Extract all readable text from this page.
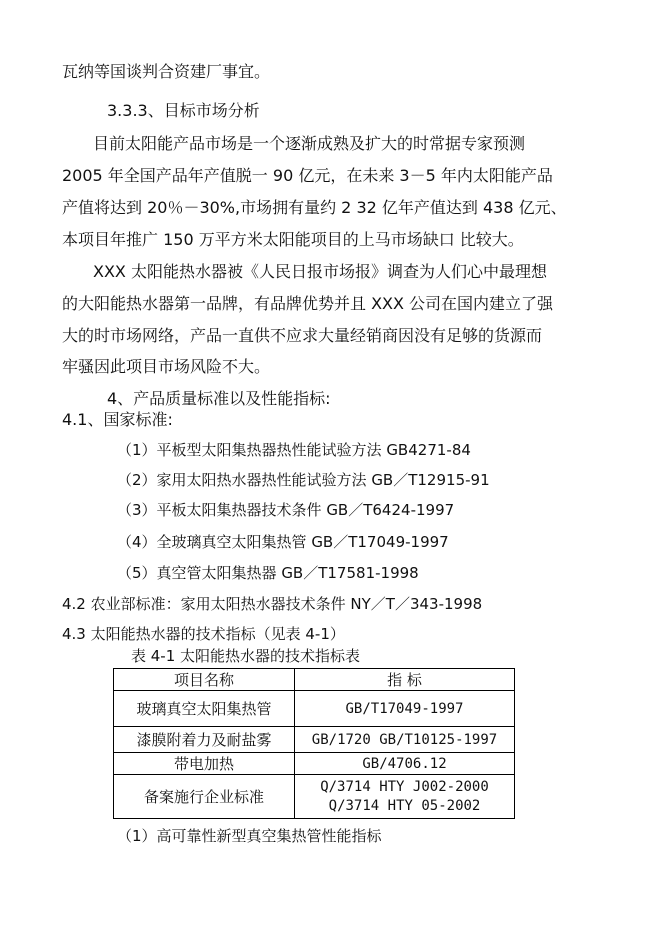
瓦纳等国谈判合资建厂事宜。
3.3.3、目标市场分析
目前太阳能产品市场是一个逐渐成熟及扩大的时常据专家预测
2005 年全国产品年产值脱一 90 亿元，在未来 3－5 年内太阳能产品
产值将达到 20％－30%,市场拥有量约 2 32 亿年产值达到 438 亿元、
本项目年推广 150 万平方米太阳能项目的上马市场缺口 比较大。
XXX 太阳能热水器被《人民日报市场报》调查为人们心中最理想
的大阳能热水器第一品牌，有品牌优势并且 XXX 公司在国内建立了强
大的时市场网络，产品一直供不应求大量经销商因没有足够的货源而
牢骚因此项目市场风险不大。
4、产品质量标准以及性能指标:
4.1、国家标准:
（1）平板型太阳集热器热性能试验方法 GB4271-84
（2）家用太阳热水器热性能试验方法 GB／T12915-91
（3）平板太阳集热器技术条件 GB／T6424-1997
（4）全玻璃真空太阳集热管 GB／T17049-1997
（5）真空管太阳集热器 GB／T17581-1998
4.2 农业部标准：家用太阳热水器技术条件 NY／T／343-1998
4.3 太阳能热水器的技术指标（见表 4-1）
表 4-1 太阳能热水器的技术指标表
项目名称	指 标
玻璃真空太阳集热管	GB/T17049-1997
漆膜附着力及耐盐雾	GB/1720 GB/T10125-1997
带电加热	GB/4706.12
备案施行企业标准	Q/3714 HTY J002-2000
Q/3714 HTY 05-2002
（1）高可靠性新型真空集热管性能指标
